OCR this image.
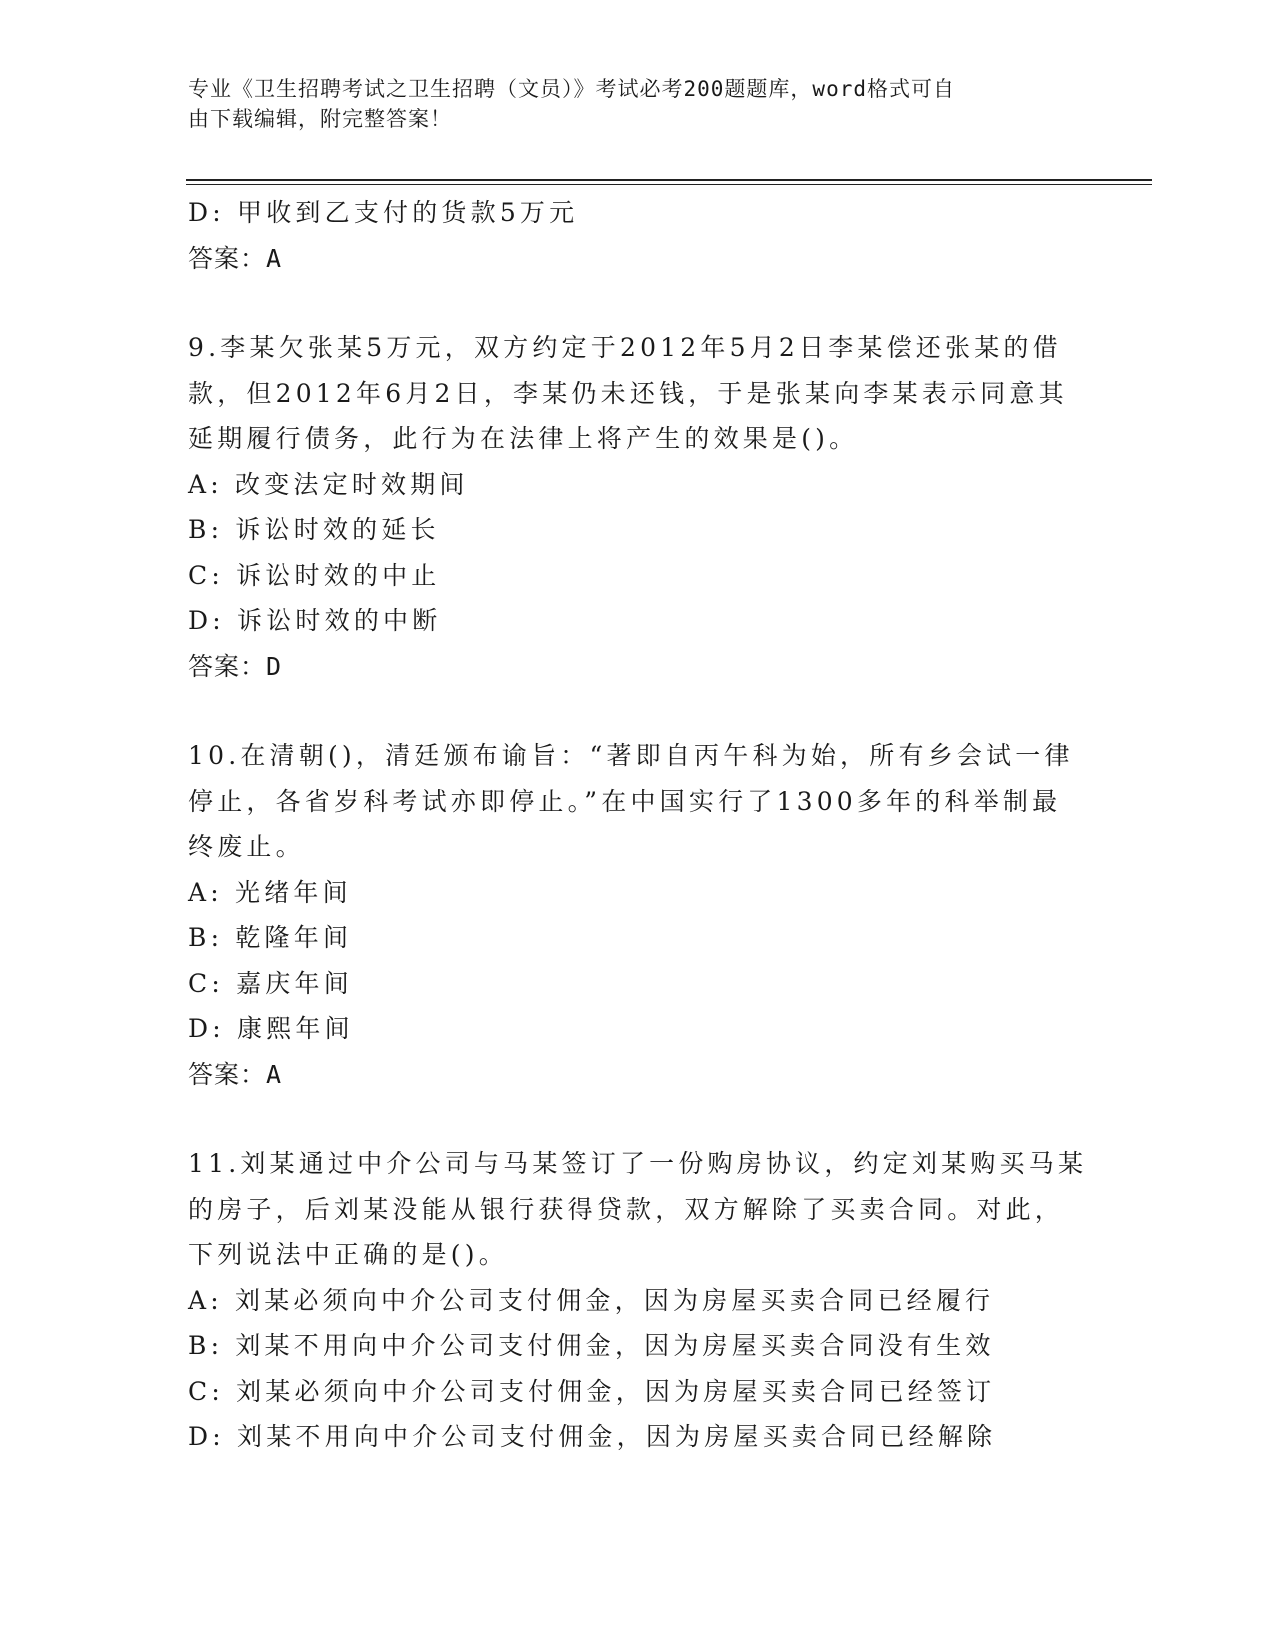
专业《卫生招聘考试之卫生招聘（文员）》考试必考200题题库，word格式可自
由下载编辑，附完整答案！
D: 甲收到乙支付的货款5万元
答案：A
9.李某欠张某5万元，双方约定于2012年5月2日李某偿还张某的借
款，但2012年6月2日，李某仍未还钱，于是张某向李某表示同意其
延期履行债务，此行为在法律上将产生的效果是()。
A: 改变法定时效期间
B: 诉讼时效的延长
C: 诉讼时效的中止
D: 诉讼时效的中断
答案：D
10.在清朝()，清廷颁布谕旨：“著即自丙午科为始，所有乡会试一律
停止，各省岁科考试亦即停止。”在中国实行了1300多年的科举制最
终废止。
A: 光绪年间
B: 乾隆年间
C: 嘉庆年间
D: 康熙年间
答案：A
11.刘某通过中介公司与马某签订了一份购房协议，约定刘某购买马某
的房子，后刘某没能从银行获得贷款，双方解除了买卖合同。对此，
下列说法中正确的是()。
A: 刘某必须向中介公司支付佣金，因为房屋买卖合同已经履行
B: 刘某不用向中介公司支付佣金，因为房屋买卖合同没有生效
C: 刘某必须向中介公司支付佣金，因为房屋买卖合同已经签订
D: 刘某不用向中介公司支付佣金，因为房屋买卖合同已经解除
